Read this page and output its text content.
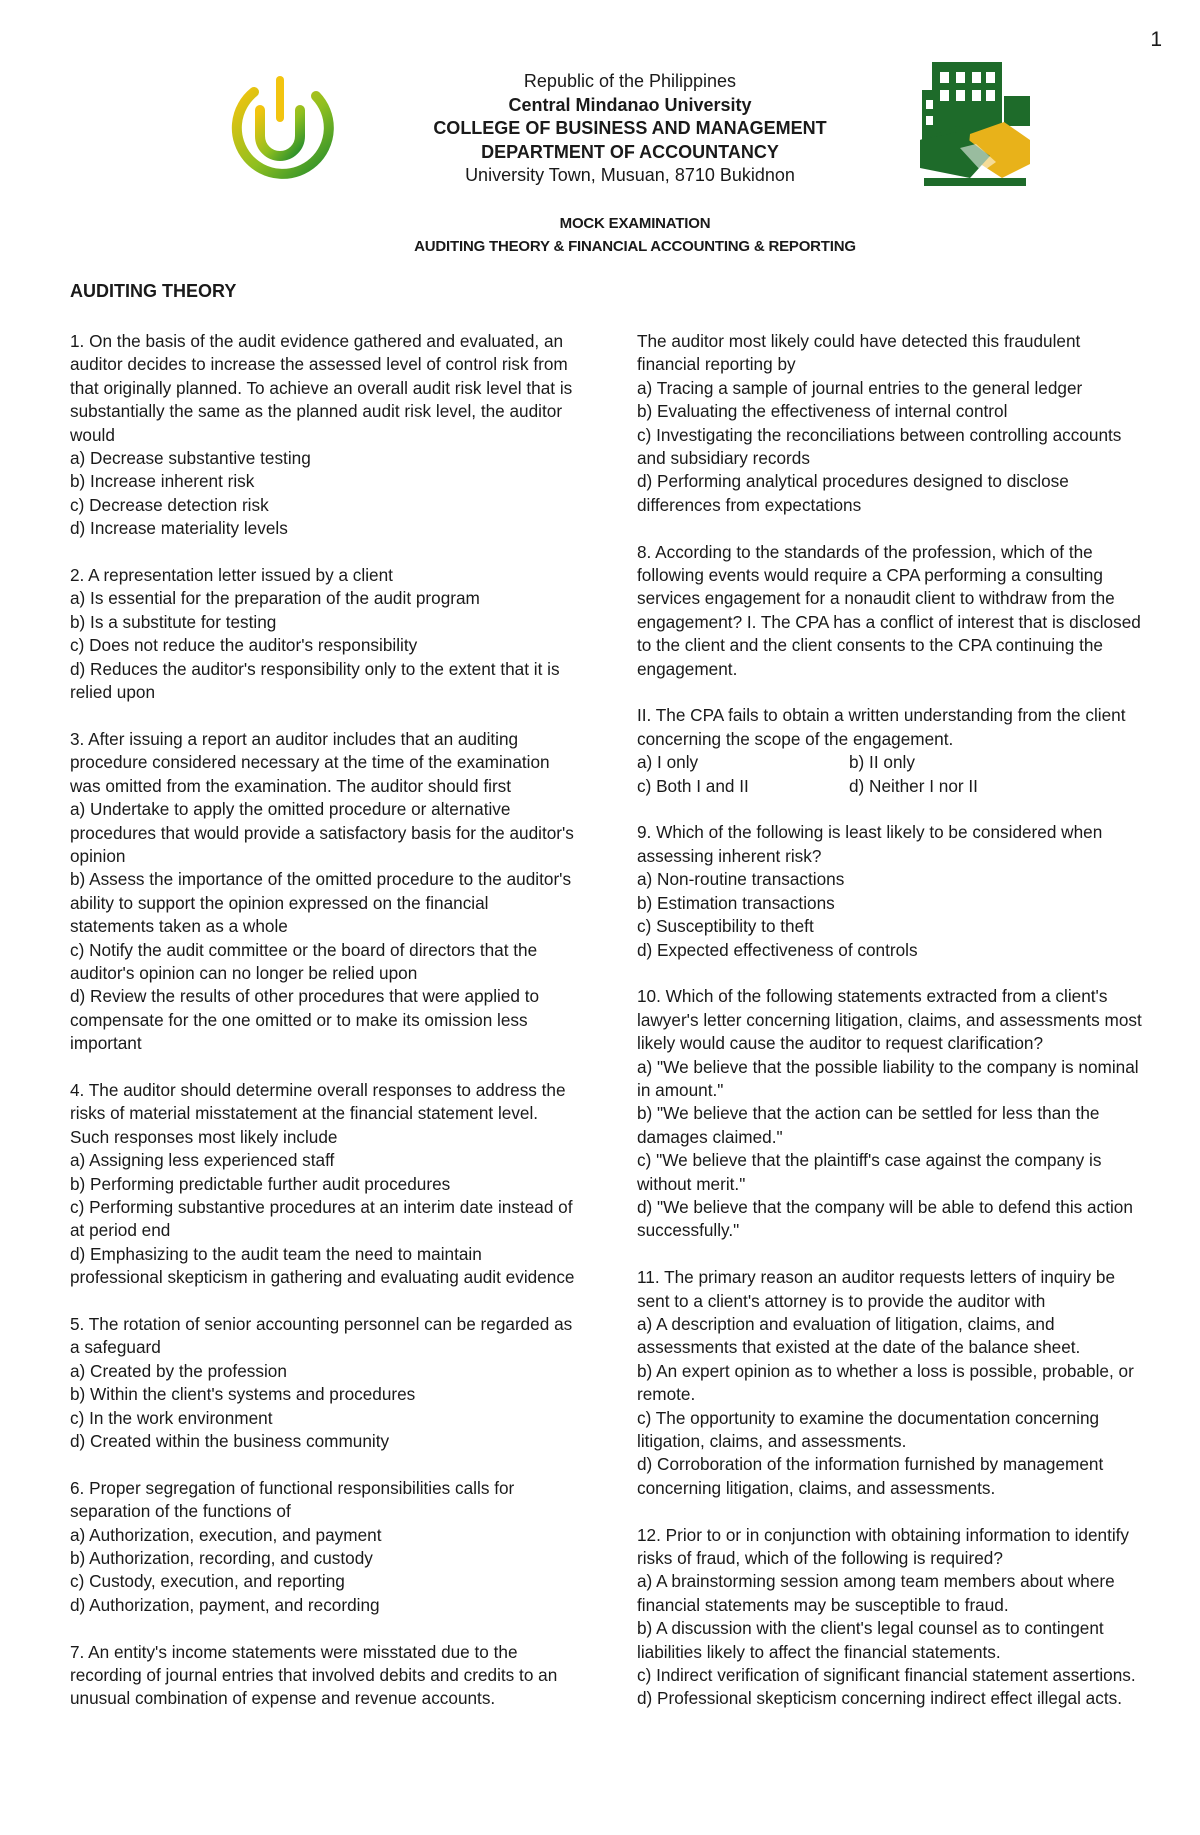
1
Republic of the Philippines
Central Mindanao University
COLLEGE OF BUSINESS AND MANAGEMENT
DEPARTMENT OF ACCOUNTANCY
University Town, Musuan, 8710 Bukidnon
MOCK EXAMINATION
AUDITING THEORY & FINANCIAL ACCOUNTING & REPORTING
AUDITING THEORY

1. On the basis of the audit evidence gathered and evaluated, an auditor decides to increase the assessed level of control risk from that originally planned. To achieve an overall audit risk level that is substantially the same as the planned audit risk level, the auditor would

a) Decrease substantive testing

b) Increase inherent risk

c) Decrease detection risk

d) Increase materiality levels

2. A representation letter issued by a client

a) Is essential for the preparation of the audit program

b) Is a substitute for testing

c) Does not reduce the auditor's responsibility

d) Reduces the auditor's responsibility only to the extent that it is relied upon

3. After issuing a report an auditor includes that an auditing procedure considered necessary at the time of the examination was omitted from the examination. The auditor should first

a) Undertake to apply the omitted procedure or alternative procedures that would provide a satisfactory basis for the auditor's opinion

b) Assess the importance of the omitted procedure to the auditor's ability to support the opinion expressed on the financial statements taken as a whole

c) Notify the audit committee or the board of directors that the auditor's opinion can no longer be relied upon

d) Review the results of other procedures that were applied to compensate for the one omitted or to make its omission less important

4. The auditor should determine overall responses to address the risks of material misstatement at the financial statement level. Such responses most likely include

a) Assigning less experienced staff

b) Performing predictable further audit procedures

c) Performing substantive procedures at an interim date instead of at period end

d) Emphasizing to the audit team the need to maintain professional skepticism in gathering and evaluating audit evidence

5. The rotation of senior accounting personnel can be regarded as a safeguard

a) Created by the profession

b) Within the client's systems and procedures

c) In the work environment

d) Created within the business community

6. Proper segregation of functional responsibilities calls for separation of the functions of

a) Authorization, execution, and payment

b) Authorization, recording, and custody

c) Custody, execution, and reporting

d) Authorization, payment, and recording

7. An entity's income statements were misstated due to the recording of journal entries that involved debits and credits to an unusual combination of expense and revenue accounts.

The auditor most likely could have detected this fraudulent financial reporting by

a) Tracing a sample of journal entries to the general ledger

b) Evaluating the effectiveness of internal control

c) Investigating the reconciliations between controlling accounts and subsidiary records

d) Performing analytical procedures designed to disclose differences from expectations

8. According to the standards of the profession, which of the following events would require a CPA performing a consulting services engagement for a nonaudit client to withdraw from the engagement? I. The CPA has a conflict of interest that is disclosed to the client and the client consents to the CPA continuing the engagement.

II. The CPA fails to obtain a written understanding from the client concerning the scope of the engagement.

a) I only	b) II only

c) Both I and II	d) Neither I nor II

9. Which of the following is least likely to be considered when assessing inherent risk?

a) Non-routine transactions

b) Estimation transactions

c) Susceptibility to theft

d) Expected effectiveness of controls

10. Which of the following statements extracted from a client's lawyer's letter concerning litigation, claims, and assessments most likely would cause the auditor to request clarification?

a) "We believe that the possible liability to the company is nominal in amount."

b) "We believe that the action can be settled for less than the damages claimed."

c) "We believe that the plaintiff's case against the company is without merit."

d) "We believe that the company will be able to defend this action successfully."

11. The primary reason an auditor requests letters of inquiry be sent to a client's attorney is to provide the auditor with

a) A description and evaluation of litigation, claims, and assessments that existed at the date of the balance sheet.

b) An expert opinion as to whether a loss is possible, probable, or remote.

c) The opportunity to examine the documentation concerning litigation, claims, and assessments.

d) Corroboration of the information furnished by management concerning litigation, claims, and assessments.

12. Prior to or in conjunction with obtaining information to identify risks of fraud, which of the following is required?

a) A brainstorming session among team members about where financial statements may be susceptible to fraud.

b) A discussion with the client's legal counsel as to contingent liabilities likely to affect the financial statements.

c) Indirect verification of significant financial statement assertions.

d) Professional skepticism concerning indirect effect illegal acts.
